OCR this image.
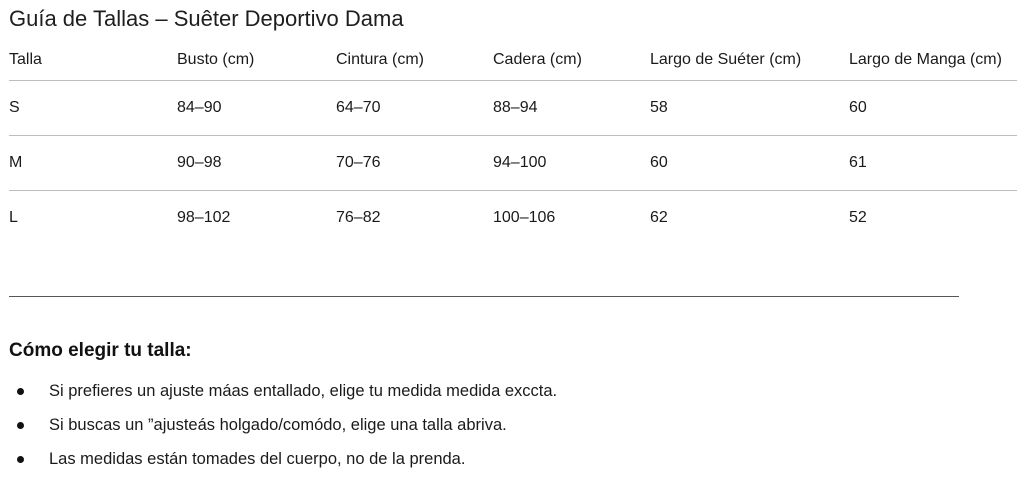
Guía de Tallas – Suêter Deportivo Dama
Talla	Busto (cm)	Cintura (cm)	Cadera (cm)	Largo de Suéter (cm)	Largo de Manga (cm)
S	84–90	64–70	88–94	58	60
M	90–98	70–76	94–100	60	61
L	98–102	76–82	100–106	62	52
Cómo elegir tu talla:
Si prefieres un ajuste máas entallado, elige tu medida medida exccta.
Si buscas un ”ajusteás holgado/comódo, elige una talla abriva.
Las medidas están tomades del cuerpo, no de la prenda.
